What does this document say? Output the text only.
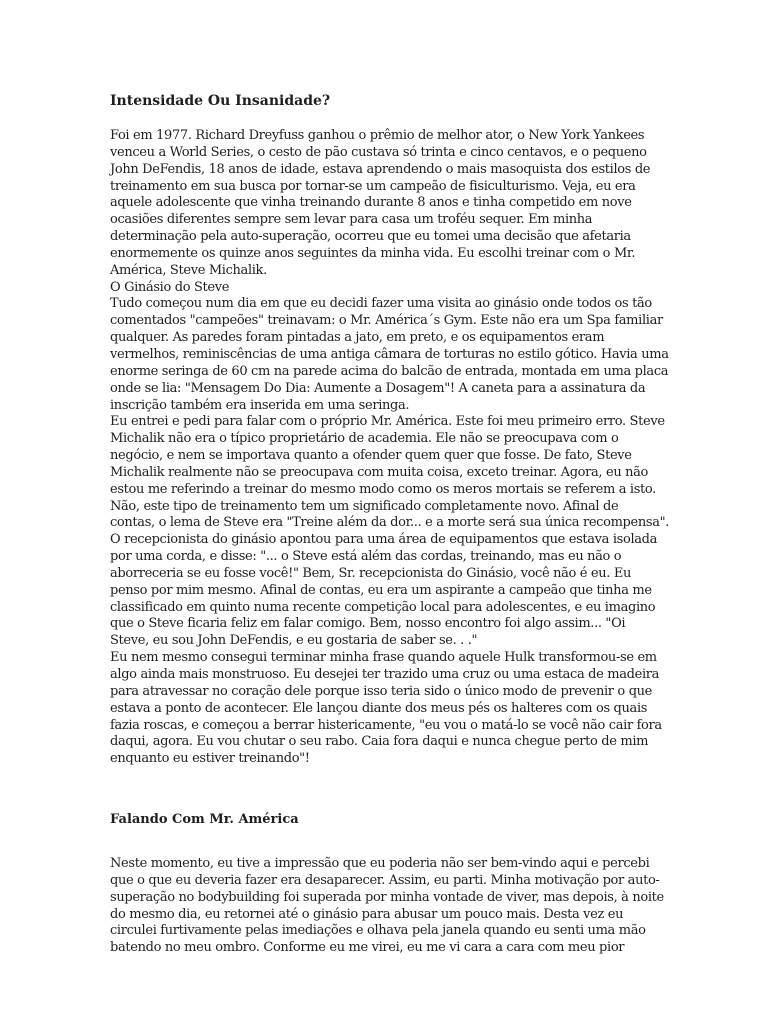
Intensidade Ou Insanidade?
Foi em 1977. Richard Dreyfuss ganhou o prêmio de melhor ator, o New York Yankees
venceu a World Series, o cesto de pão custava só trinta e cinco centavos, e o pequeno
John DeFendis, 18 anos de idade, estava aprendendo o mais masoquista dos estilos de
treinamento em sua busca por tornar-se um campeão de fisiculturismo. Veja, eu era
aquele adolescente que vinha treinando durante 8 anos e tinha competido em nove
ocasiões diferentes sempre sem levar para casa um troféu sequer. Em minha
determinação pela auto-superação, ocorreu que eu tomei uma decisão que afetaria
enormemente os quinze anos seguintes da minha vida. Eu escolhi treinar com o Mr.
América, Steve Michalik.
O Ginásio do Steve
Tudo começou num dia em que eu decidi fazer uma visita ao ginásio onde todos os tão
comentados "campeões" treinavam: o Mr. América´s Gym. Este não era um Spa familiar
qualquer. As paredes foram pintadas a jato, em preto, e os equipamentos eram
vermelhos, reminiscências de uma antiga câmara de torturas no estilo gótico. Havia uma
enorme seringa de 60 cm na parede acima do balcão de entrada, montada em uma placa
onde se lia: "Mensagem Do Dia: Aumente a Dosagem"! A caneta para a assinatura da
inscrição também era inserida em uma seringa.
Eu entrei e pedi para falar com o próprio Mr. América. Este foi meu primeiro erro. Steve
Michalik não era o típico proprietário de academia. Ele não se preocupava com o
negócio, e nem se importava quanto a ofender quem quer que fosse. De fato, Steve
Michalik realmente não se preocupava com muita coisa, exceto treinar. Agora, eu não
estou me referindo a treinar do mesmo modo como os meros mortais se referem a isto.
Não, este tipo de treinamento tem um significado completamente novo. Afinal de
contas, o lema de Steve era "Treine além da dor... e a morte será sua única recompensa".
O recepcionista do ginásio apontou para uma área de equipamentos que estava isolada
por uma corda, e disse: "... o Steve está além das cordas, treinando, mas eu não o
aborreceria se eu fosse você!" Bem, Sr. recepcionista do Ginásio, você não é eu. Eu
penso por mim mesmo. Afinal de contas, eu era um aspirante a campeão que tinha me
classificado em quinto numa recente competição local para adolescentes, e eu imagino
que o Steve ficaria feliz em falar comigo. Bem, nosso encontro foi algo assim... "Oi
Steve, eu sou John DeFendis, e eu gostaria de saber se. . ."
Eu nem mesmo consegui terminar minha frase quando aquele Hulk transformou-se em
algo ainda mais monstruoso. Eu desejei ter trazido uma cruz ou uma estaca de madeira
para atravessar no coração dele porque isso teria sido o único modo de prevenir o que
estava a ponto de acontecer. Ele lançou diante dos meus pés os halteres com os quais
fazia roscas, e começou a berrar histericamente, "eu vou o matá-lo se você não cair fora
daqui, agora. Eu vou chutar o seu rabo. Caia fora daqui e nunca chegue perto de mim
enquanto eu estiver treinando"!
Falando Com Mr. América
Neste momento, eu tive a impressão que eu poderia não ser bem-vindo aqui e percebi
que o que eu deveria fazer era desaparecer. Assim, eu parti. Minha motivação por auto-
superação no bodybuilding foi superada por minha vontade de viver, mas depois, à noite
do mesmo dia, eu retornei até o ginásio para abusar um pouco mais. Desta vez eu
circulei furtivamente pelas imediações e olhava pela janela quando eu senti uma mão
batendo no meu ombro. Conforme eu me virei, eu me vi cara a cara com meu pior
